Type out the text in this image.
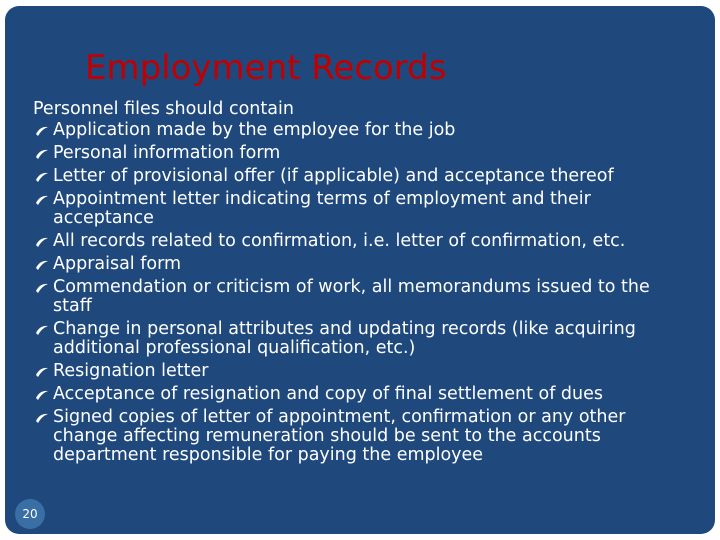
Employment Records
Personnel files should contain
Application made by the employee for the job
Personal information form
Letter of provisional offer (if applicable) and acceptance thereof
Appointment letter indicating terms of employment and their acceptance
All records related to confirmation, i.e. letter of confirmation, etc.
Appraisal form
Commendation or criticism of work, all memorandums issued to the staff
Change in personal attributes and updating records (like acquiring additional professional qualification, etc.)
Resignation letter
Acceptance of resignation and copy of final settlement of dues
Signed copies of letter of appointment, confirmation or any other change affecting remuneration should be sent to the accounts department responsible for paying the employee
20
